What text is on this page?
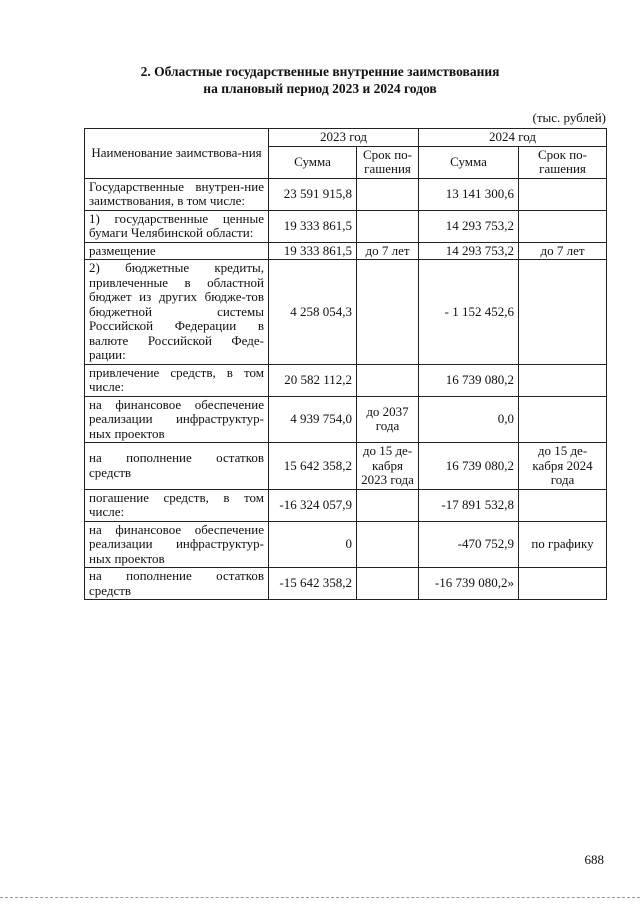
2. Областные государственные внутренние заимствования
на плановый период 2023 и 2024 годов
(тыс. рублей)
Наименование заимствова-ния	2023 год		2024 год	
	Сумма	Срок по-гашения	Сумма	Срок по-гашения
Государственные внутрен-ние заимствования, в том числе:	23 591 915,8		13 141 300,6	
1) государственные ценные бумаги Челябинской области:	19 333 861,5		14 293 753,2	
размещение	19 333 861,5	до 7 лет	14 293 753,2	до 7 лет
2) бюджетные кредиты, привлеченные в областной бюджет из других бюдже-тов бюджетной системы Российской Федерации в валюте Российской Феде-рации:	4 258 054,3		- 1 152 452,6	
привлечение средств, в том числе:	20 582 112,2		16 739 080,2	
на финансовое обеспечение реализации инфраструктур-ных проектов	4 939 754,0	до 2037 года	0,0	
на пополнение остатков средств	15 642 358,2	до 15 де-кабря 2023 года	16 739 080,2	до 15 де-кабря 2024 года
погашение средств, в том числе:	-16 324 057,9		-17 891 532,8	
на финансовое обеспечение реализации инфраструктур-ных проектов	0		-470 752,9	по графику
на пополнение остатков средств	-15 642 358,2		-16 739 080,2»	
688
